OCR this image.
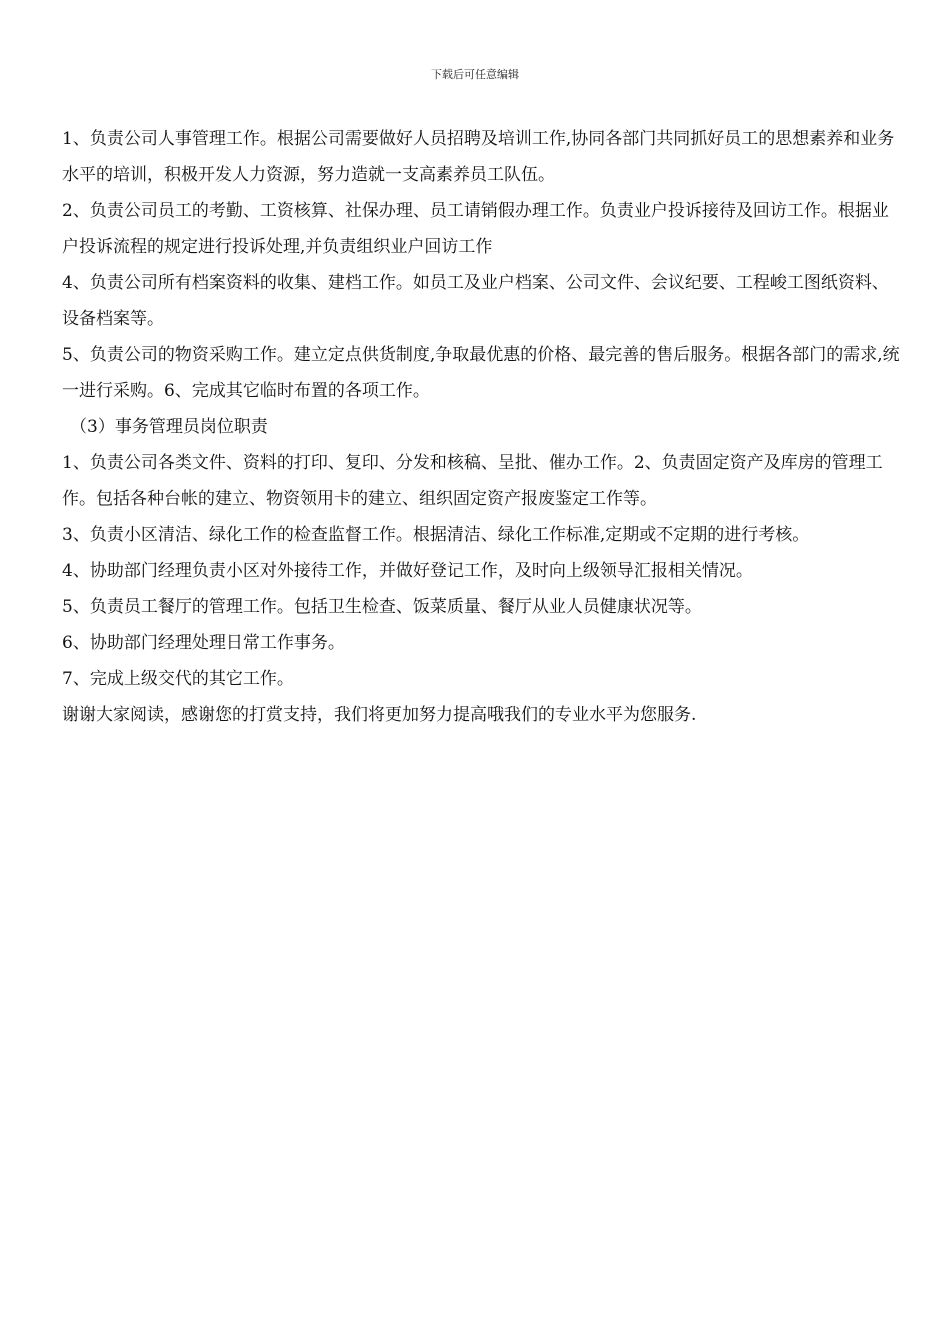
下载后可任意编辑

1、负责公司人事管理工作。根据公司需要做好人员招聘及培训工作,协同各部门共同抓好员工的思想素养和业务水平的培训，积极开发人力资源，努力造就一支高素养员工队伍。

2、负责公司员工的考勤、工资核算、社保办理、员工请销假办理工作。负责业户投诉接待及回访工作。根据业户投诉流程的规定进行投诉处理,并负责组织业户回访工作

4、负责公司所有档案资料的收集、建档工作。如员工及业户档案、公司文件、会议纪要、工程峻工图纸资料、设备档案等。

5、负责公司的物资采购工作。建立定点供货制度,争取最优惠的价格、最完善的售后服务。根据各部门的需求,统一进行采购。6、完成其它临时布置的各项工作。

（3）事务管理员岗位职责

1、负责公司各类文件、资料的打印、复印、分发和核稿、呈批、催办工作。2、负责固定资产及库房的管理工作。包括各种台帐的建立、物资领用卡的建立、组织固定资产报废鉴定工作等。

3、负责小区清洁、绿化工作的检查监督工作。根据清洁、绿化工作标准,定期或不定期的进行考核。

4、协助部门经理负责小区对外接待工作，并做好登记工作，及时向上级领导汇报相关情况。

5、负责员工餐厅的管理工作。包括卫生检查、饭菜质量、餐厅从业人员健康状况等。

6、协助部门经理处理日常工作事务。

7、完成上级交代的其它工作。

谢谢大家阅读，感谢您的打赏支持，我们将更加努力提高哦我们的专业水平为您服务.
